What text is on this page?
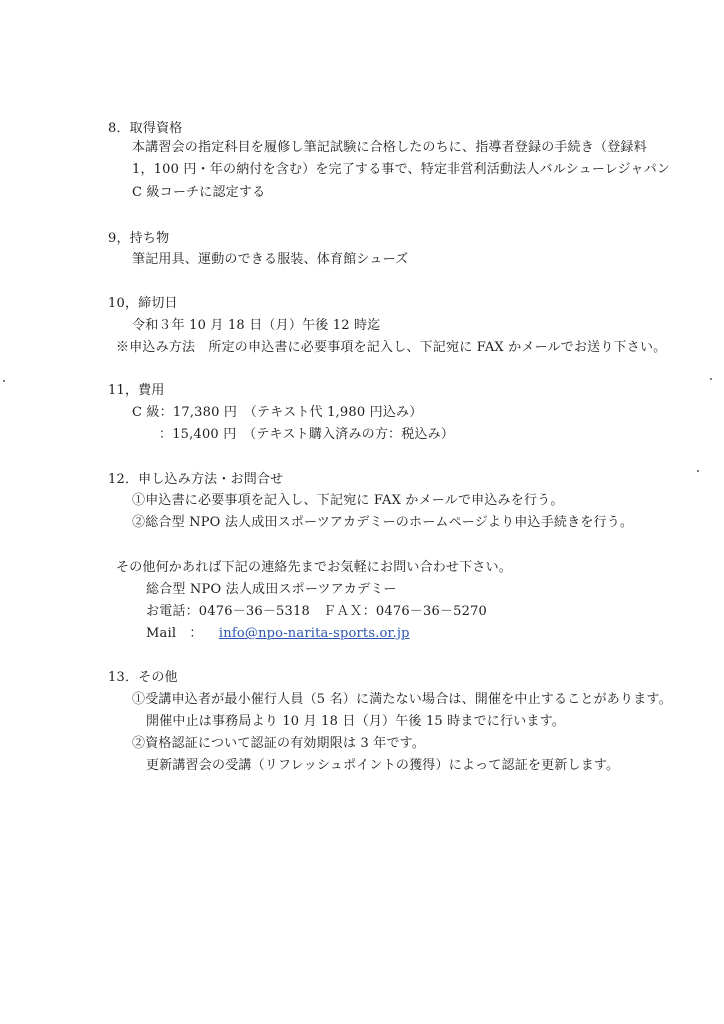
8．取得資格
本講習会の指定科目を履修し筆記試験に合格したのちに、指導者登録の手続き（登録料
1，100 円・年の納付を含む）を完了する事で、特定非営利活動法人バルシューレジャパン
C 級コーチに認定する
9，持ち物
筆記用具、運動のできる服装、体育館シューズ
10，締切日
令和３年 10 月 18 日（月）午後 12 時迄
※申込み方法　所定の申込書に必要事項を記入し、下記宛に FAX かメールでお送り下さい。
11，費用
C 級：17,380 円　（テキスト代 1,980 円込み）
：15,400 円　（テキスト購入済みの方：税込み）
12．申し込み方法・お問合せ
①申込書に必要事項を記入し、下記宛に FAX かメールで申込みを行う。
②総合型 NPO 法人成田スポーツアカデミーのホームページより申込手続きを行う。
その他何かあれば下記の連絡先までお気軽にお問い合わせ下さい。
総合型 NPO 法人成田スポーツアカデミー
お電話：0476－36－5318　ＦＡＸ：0476－36－5270
Mail　： info@npo-narita-sports.or.jp
13．その他
①受講申込者が最小催行人員（5 名）に満たない場合は、開催を中止することがあります。
開催中止は事務局より 10 月 18 日（月）午後 15 時までに行います。
②資格認証について認証の有効期限は 3 年です。
更新講習会の受講（リフレッシュポイントの獲得）によって認証を更新します。
